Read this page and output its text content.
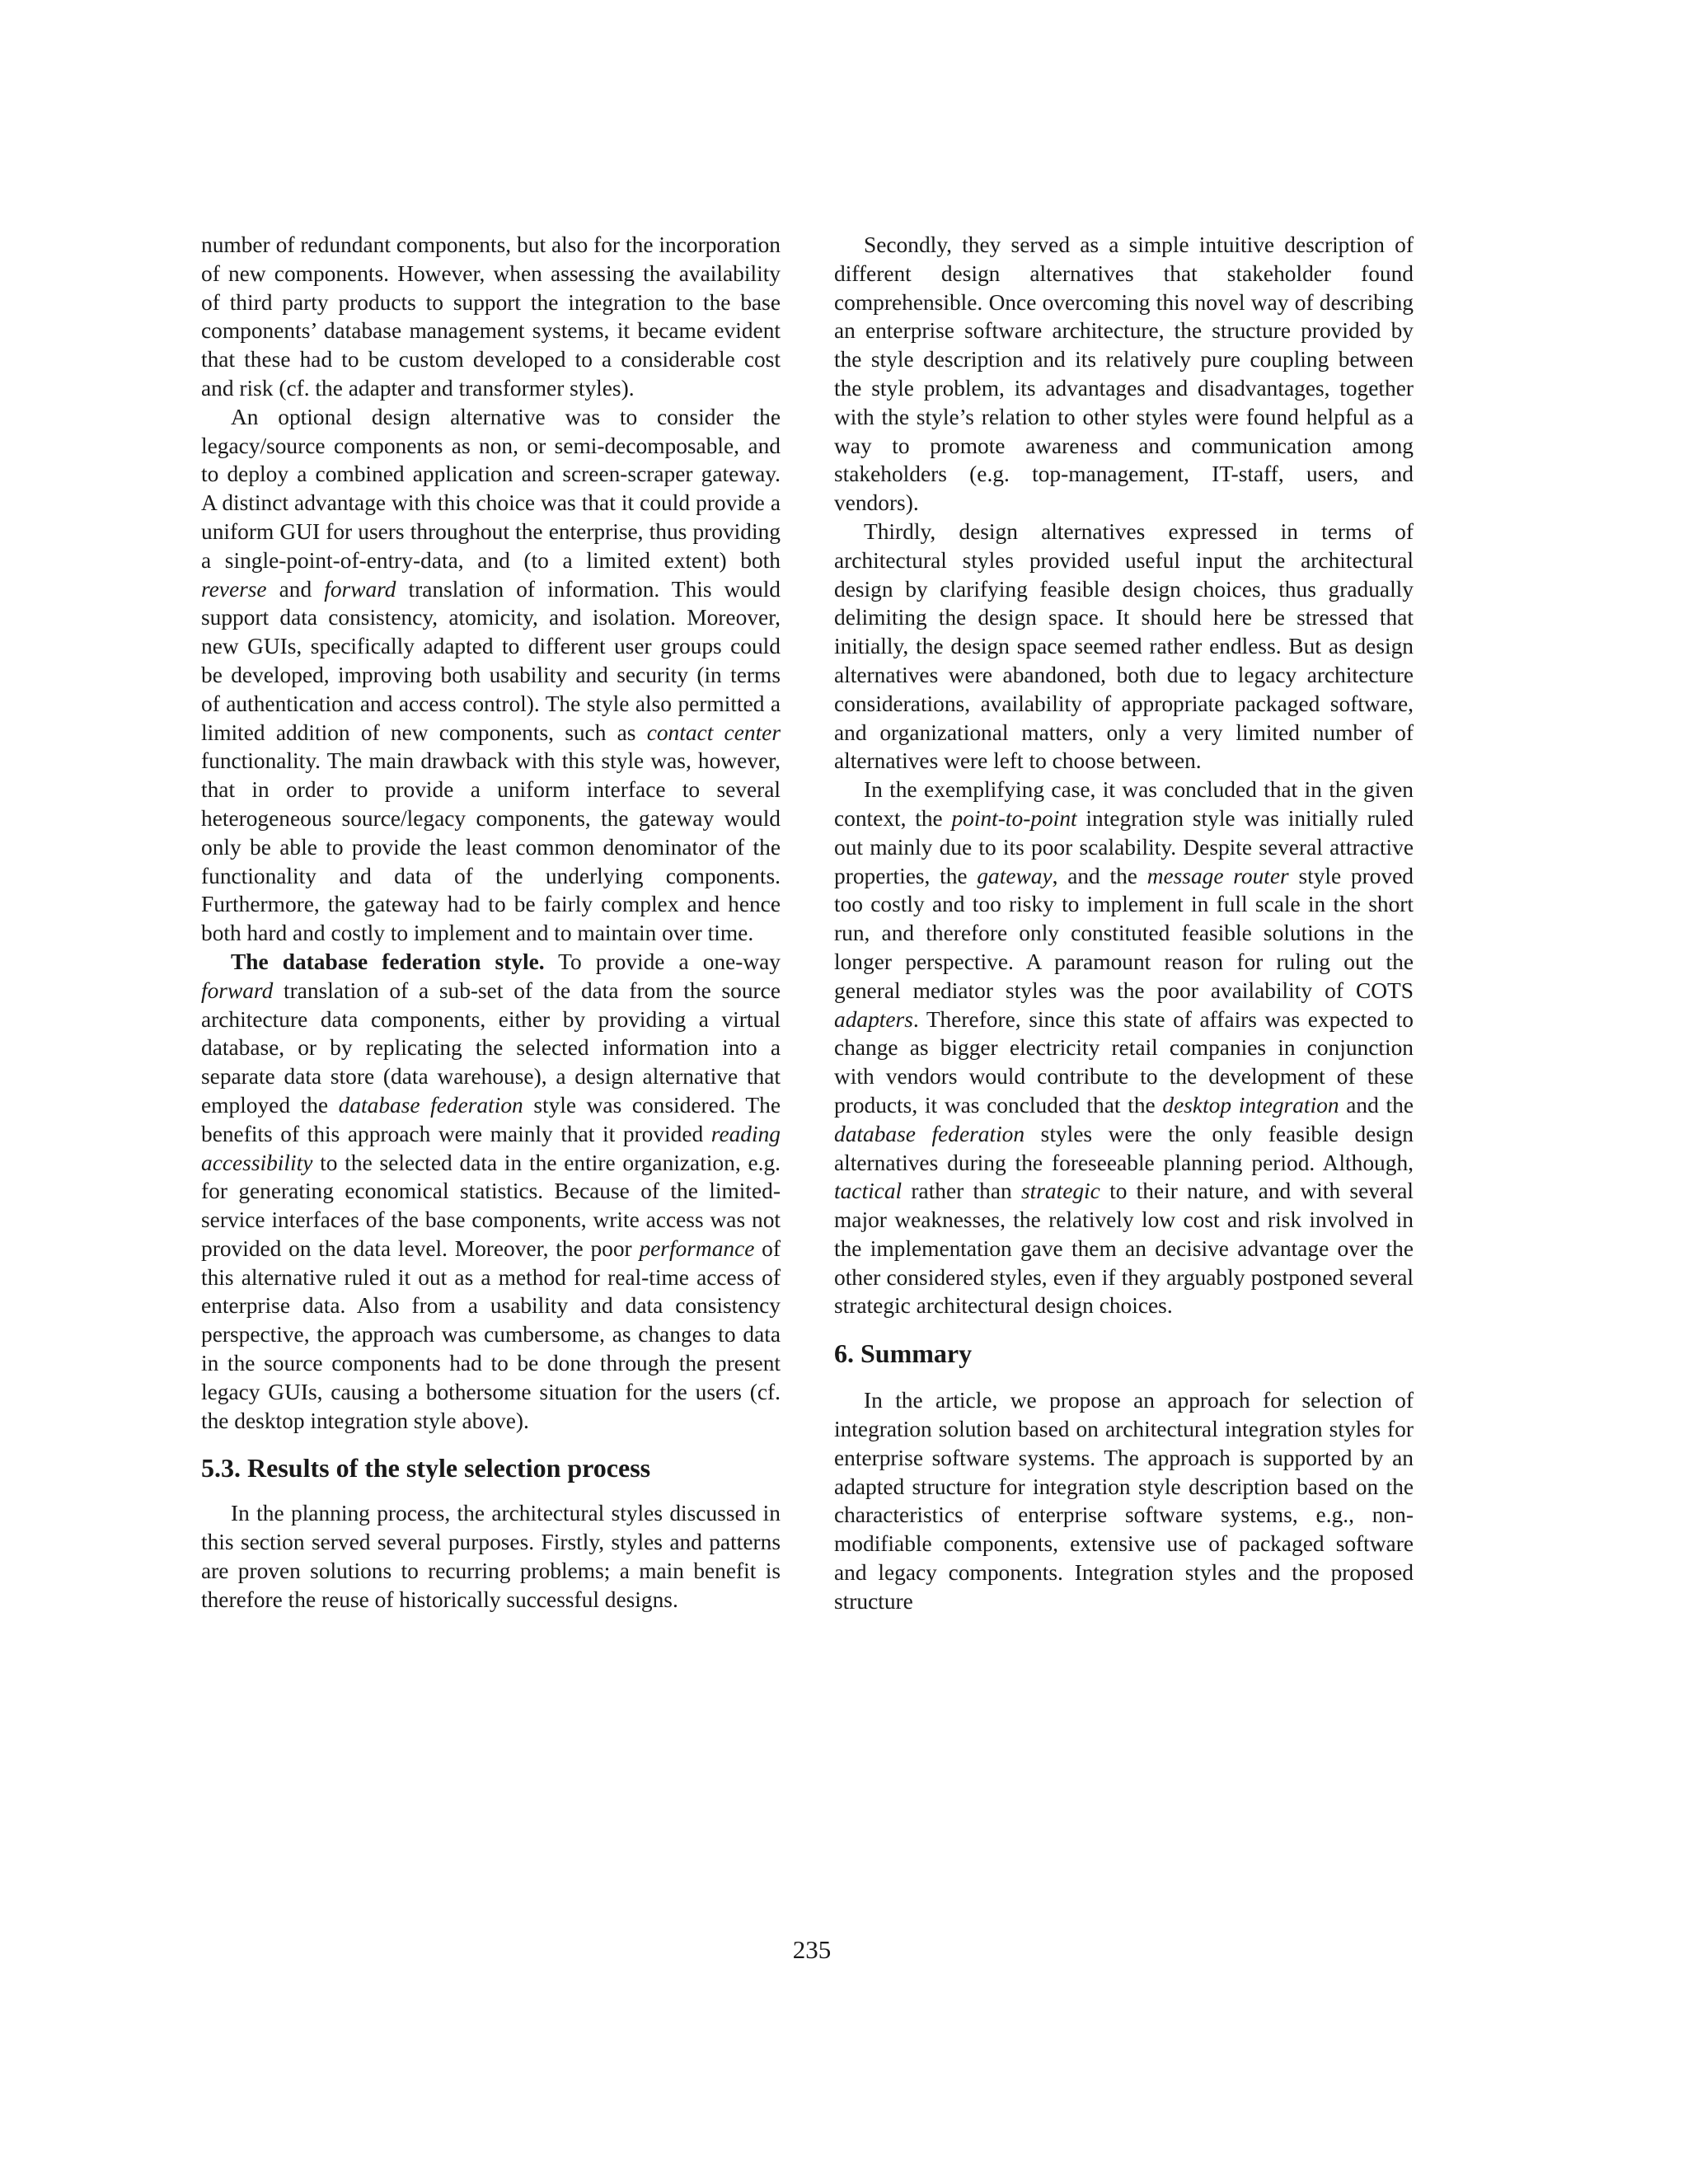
number of redundant components, but also for the incorporation of new components. However, when assessing the availability of third party products to support the integration to the base components’ database management systems, it became evident that these had to be custom developed to a considerable cost and risk (cf. the adapter and transformer styles).

An optional design alternative was to consider the legacy/source components as non, or semi-decomposable, and to deploy a combined application and screen-scraper gateway. A distinct advantage with this choice was that it could provide a uniform GUI for users throughout the enterprise, thus providing a single-point-of-entry-data, and (to a limited extent) both reverse and forward translation of information. This would support data consistency, atomicity, and isolation. Moreover, new GUIs, specifically adapted to different user groups could be developed, improving both usability and security (in terms of authentication and access control). The style also permitted a limited addition of new components, such as contact center functionality. The main drawback with this style was, however, that in order to provide a uniform interface to several heterogeneous source/legacy components, the gateway would only be able to provide the least common denominator of the functionality and data of the underlying components. Furthermore, the gateway had to be fairly complex and hence both hard and costly to implement and to maintain over time.

The database federation style. To provide a one-way forward translation of a sub-set of the data from the source architecture data components, either by providing a virtual database, or by replicating the selected information into a separate data store (data warehouse), a design alternative that employed the database federation style was considered. The benefits of this approach were mainly that it provided reading accessibility to the selected data in the entire organization, e.g. for generating economical statistics. Because of the limited-service interfaces of the base components, write access was not provided on the data level. Moreover, the poor performance of this alternative ruled it out as a method for real-time access of enterprise data. Also from a usability and data consistency perspective, the approach was cumbersome, as changes to data in the source components had to be done through the present legacy GUIs, causing a bothersome situation for the users (cf. the desktop integration style above).

5.3. Results of the style selection process

In the planning process, the architectural styles discussed in this section served several purposes. Firstly, styles and patterns are proven solutions to recurring problems; a main benefit is therefore the reuse of historically successful designs.

Secondly, they served as a simple intuitive description of different design alternatives that stakeholder found comprehensible. Once overcoming this novel way of describing an enterprise software architecture, the structure provided by the style description and its relatively pure coupling between the style problem, its advantages and disadvantages, together with the style’s relation to other styles were found helpful as a way to promote awareness and communication among stakeholders (e.g. top-management, IT-staff, users, and vendors).

Thirdly, design alternatives expressed in terms of architectural styles provided useful input the architectural design by clarifying feasible design choices, thus gradually delimiting the design space. It should here be stressed that initially, the design space seemed rather endless. But as design alternatives were abandoned, both due to legacy architecture considerations, availability of appropriate packaged software, and organizational matters, only a very limited number of alternatives were left to choose between.

In the exemplifying case, it was concluded that in the given context, the point-to-point integration style was initially ruled out mainly due to its poor scalability. Despite several attractive properties, the gateway, and the message router style proved too costly and too risky to implement in full scale in the short run, and therefore only constituted feasible solutions in the longer perspective. A paramount reason for ruling out the general mediator styles was the poor availability of COTS adapters. Therefore, since this state of affairs was expected to change as bigger electricity retail companies in conjunction with vendors would contribute to the development of these products, it was concluded that the desktop integration and the database federation styles were the only feasible design alternatives during the foreseeable planning period. Although, tactical rather than strategic to their nature, and with several major weaknesses, the relatively low cost and risk involved in the implementation gave them an decisive advantage over the other considered styles, even if they arguably postponed several strategic architectural design choices.

6. Summary

In the article, we propose an approach for selection of integration solution based on architectural integration styles for enterprise software systems. The approach is supported by an adapted structure for integration style description based on the characteristics of enterprise software systems, e.g., non-modifiable components, extensive use of packaged software and legacy components. Integration styles and the proposed structure

235
